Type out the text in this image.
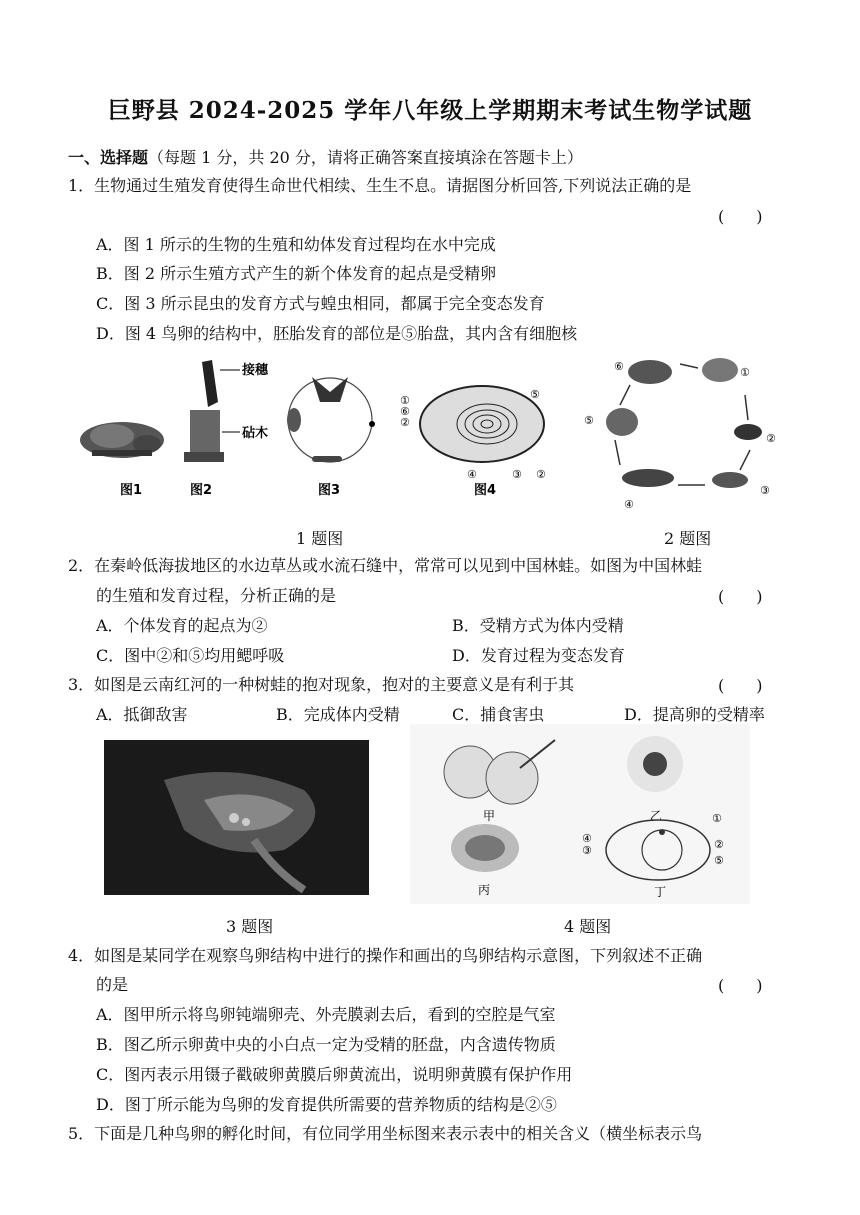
巨野县 2024-2025 学年八年级上学期期末考试生物学试题
一、选择题（每题 1 分，共 20 分，请将正确答案直接填涂在答题卡上）
1．生物通过生殖发育使得生命世代相续、生生不息。请据图分析回答,下列说法正确的是
(　　)
A．图 1 所示的生物的生殖和幼体发育过程均在水中完成
B．图 2 所示生殖方式产生的新个体发育的起点是受精卵
C．图 3 所示昆虫的发育方式与蝗虫相同，都属于完全变态发育
D．图 4 鸟卵的结构中，胚胎发育的部位是⑤胎盘，其内含有细胞核
接穗
砧木
①
⑥
②
⑤
④	③ ②
图1	图2	图3	图4
⑥	①
②
③
④
⑤
1 题图	2 题图
2．在秦岭低海拔地区的水边草丛或水流石缝中，常常可以见到中国林蛙。如图为中国林蛙
的生殖和发育过程，分析正确的是	(　　)
A．个体发育的起点为②	B．受精方式为体内受精
C．图中②和⑤均用鳃呼吸	D．发育过程为变态发育
3．如图是云南红河的一种树蛙的抱对现象，抱对的主要意义是有利于其	(　　)
A．抵御敌害	B．完成体内受精	C．捕食害虫	D．提高卵的受精率
甲	乙
丙
①
②
⑤
④
③
丁
3 题图	4 题图
4．如图是某同学在观察鸟卵结构中进行的操作和画出的鸟卵结构示意图，下列叙述不正确
的是	(　　)
A．图甲所示将鸟卵钝端卵壳、外壳膜剥去后，看到的空腔是气室
B．图乙所示卵黄中央的小白点一定为受精的胚盘，内含遗传物质
C．图丙表示用镊子戳破卵黄膜后卵黄流出，说明卵黄膜有保护作用
D．图丁所示能为鸟卵的发育提供所需要的营养物质的结构是②⑤
5．下面是几种鸟卵的孵化时间，有位同学用坐标图来表示表中的相关含义（横坐标表示鸟
